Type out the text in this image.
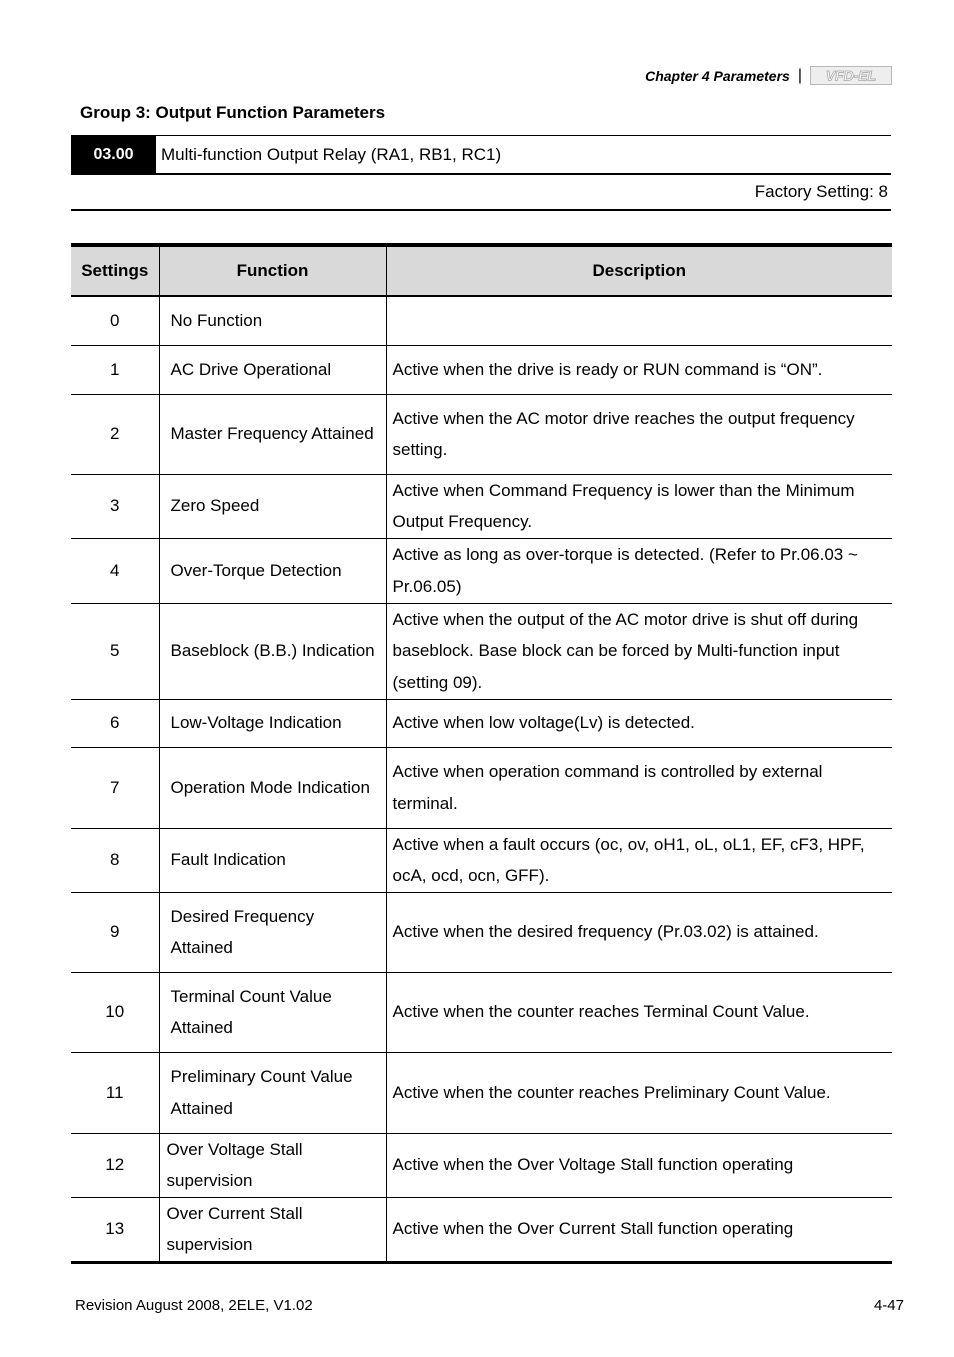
Chapter 4 Parameters | VFD-EL
Group 3: Output Function Parameters
03.00	Multi-function Output Relay (RA1, RB1, RC1)
Factory Setting: 8
Settings	Function	Description
0	No Function	
1	AC Drive Operational	Active when the drive is ready or RUN command is “ON”.
2	Master Frequency Attained	Active when the AC motor drive reaches the output frequency setting.
3	Zero Speed	Active when Command Frequency is lower than the Minimum Output Frequency.
4	Over-Torque Detection	Active as long as over-torque is detected. (Refer to Pr.06.03 ~ Pr.06.05)
5	Baseblock (B.B.) Indication	Active when the output of the AC motor drive is shut off during baseblock. Base block can be forced by Multi-function input (setting 09).
6	Low-Voltage Indication	Active when low voltage(Lv) is detected.
7	Operation Mode Indication	Active when operation command is controlled by external terminal.
8	Fault Indication	Active when a fault occurs (oc, ov, oH1, oL, oL1, EF, cF3, HPF, ocA, ocd, ocn, GFF).
9	Desired Frequency Attained	Active when the desired frequency (Pr.03.02) is attained.
10	Terminal Count Value Attained	Active when the counter reaches Terminal Count Value.
11	Preliminary Count Value Attained	Active when the counter reaches Preliminary Count Value.
12	Over Voltage Stall supervision	Active when the Over Voltage Stall function operating
13	Over Current Stall supervision	Active when the Over Current Stall function operating
Revision August 2008, 2ELE, V1.02	4-47
